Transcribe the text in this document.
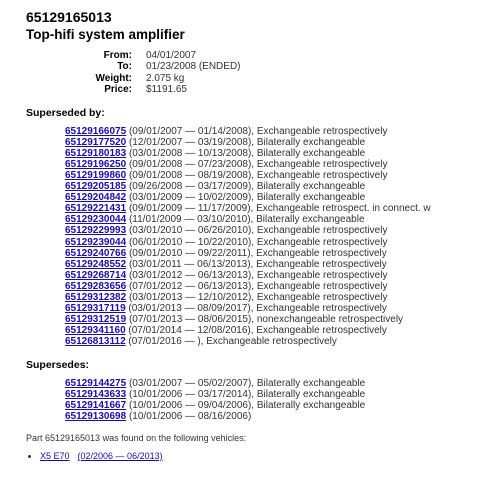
65129165013
Top-hifi system amplifier
From:	04/01/2007
To:	01/23/2008 (ENDED)
Weight:	2.075 kg
Price:	$1191.65
Superseded by:
65129166075 (09/01/2007 — 01/14/2008), Exchangeable retrospectively
65129177520 (12/01/2007 — 03/19/2008), Bilaterally exchangeable
65129180183 (03/01/2008 — 10/13/2008), Bilaterally exchangeable
65129196250 (09/01/2008 — 07/23/2008), Exchangeable retrospectively
65129199860 (09/01/2008 — 08/19/2008), Exchangeable retrospectively
65129205185 (09/26/2008 — 03/17/2009), Bilaterally exchangeable
65129204842 (03/01/2009 — 10/02/2009), Bilaterally exchangeable
65129221431 (09/01/2009 — 11/17/2009), Exchangeable retrospect. in connect. w
65129230044 (11/01/2009 — 03/10/2010), Bilaterally exchangeable
65129229993 (03/01/2010 — 06/26/2010), Exchangeable retrospectively
65129239044 (06/01/2010 — 10/22/2010), Exchangeable retrospectively
65129240766 (09/01/2010 — 09/22/2011), Exchangeable retrospectively
65129248552 (03/01/2011 — 06/13/2013), Exchangeable retrospectively
65129268714 (03/01/2012 — 06/13/2013), Exchangeable retrospectively
65129283656 (07/01/2012 — 06/13/2013), Exchangeable retrospectively
65129312382 (03/01/2013 — 12/10/2012), Exchangeable retrospectively
65129317119 (03/01/2013 — 08/09/2017), Exchangeable retrospectively
65129312519 (07/01/2013 — 08/06/2015), nonexchangeable retrospectively
65129341160 (07/01/2014 — 12/08/2016), Exchangeable retrospectively
65126813112 (07/01/2016 — ), Exchangeable retrospectively
Supersedes:
65129144275 (03/01/2007 — 05/02/2007), Bilaterally exchangeable
65129143633 (10/01/2006 — 03/17/2014), Bilaterally exchangeable
65129141667 (10/01/2006 — 09/04/2006), Bilaterally exchangeable
65129130698 (10/01/2006 — 08/16/2006)
Part 65129165013 was found on the following vehicles:
• X5 E70 (02/2006 — 06/2013)
